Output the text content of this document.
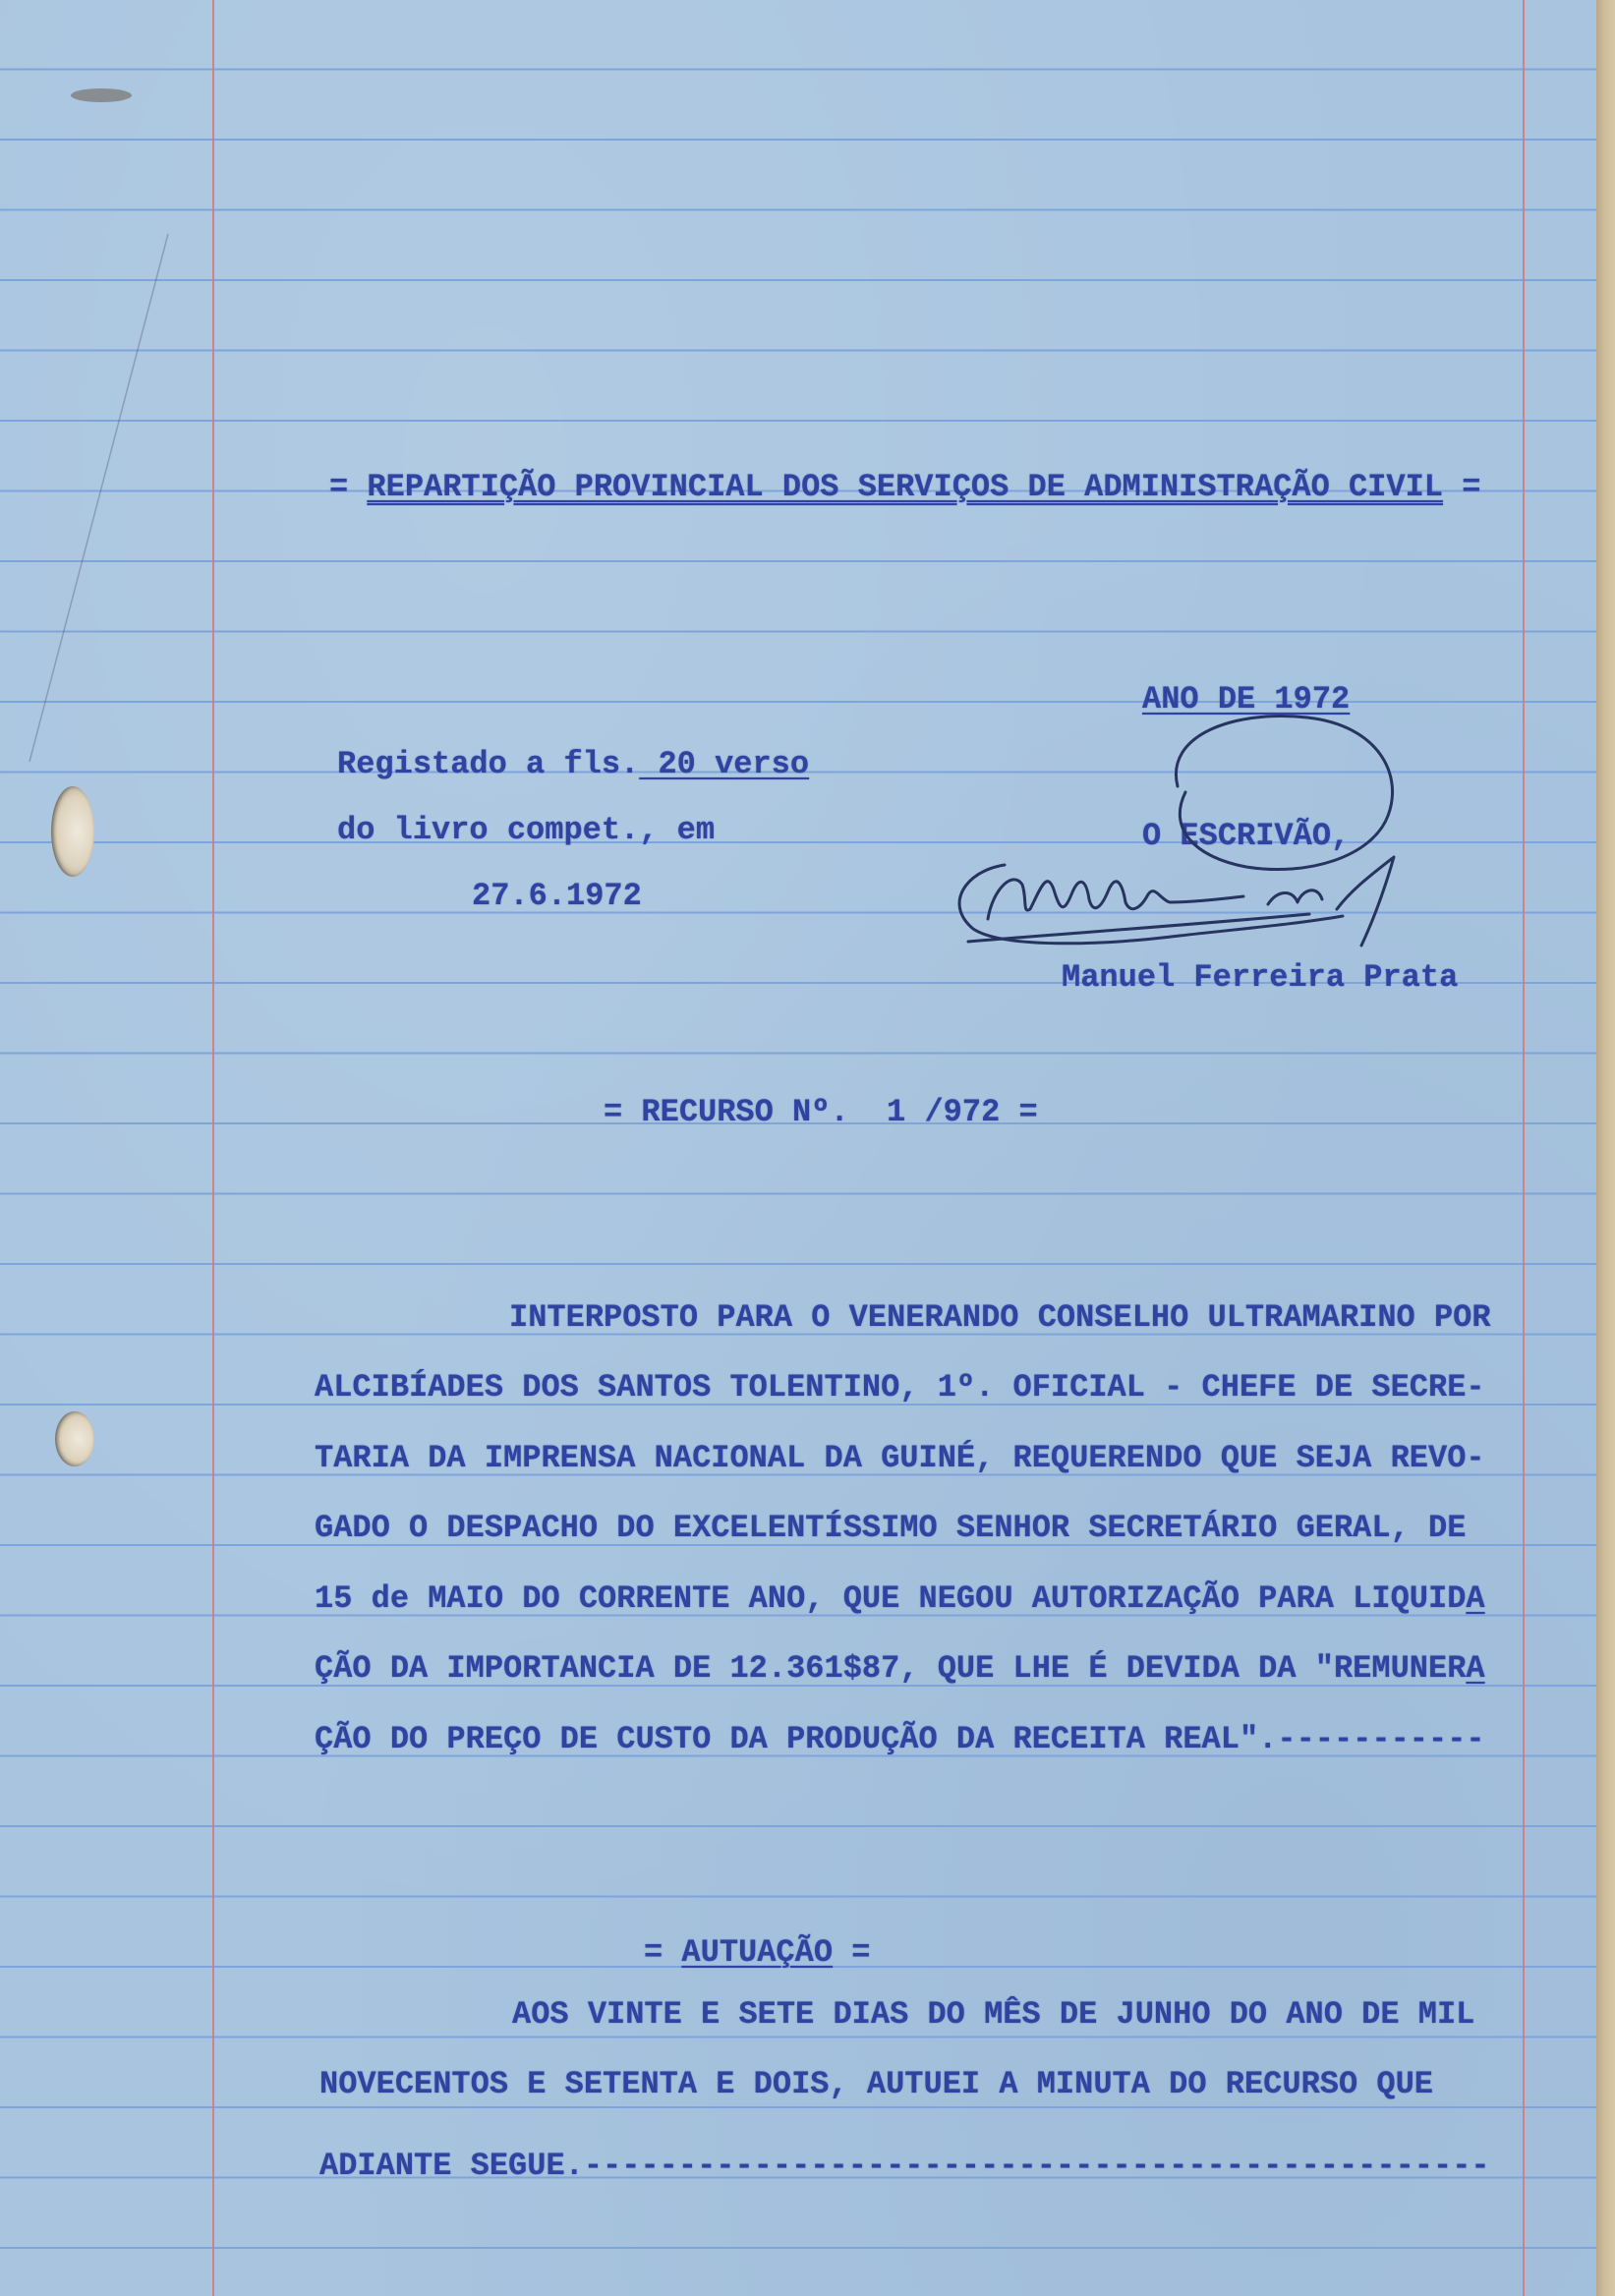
= REPARTIÇÃO PROVINCIAL DOS SERVIÇOS DE ADMINISTRAÇÃO CIVIL =
ANO DE 1972
Registado a fls. 20 verso
do livro compet., em
27.6.1972
O ESCRIVÃO,
Manuel Ferreira Prata
= RECURSO Nº.  1 /972 =
INTERPOSTO PARA O VENERANDO CONSELHO ULTRAMARINO POR
ALCIBÍADES DOS SANTOS TOLENTINO, 1º. OFICIAL - CHEFE DE SECRE-
TARIA DA IMPRENSA NACIONAL DA GUINÉ, REQUERENDO QUE SEJA REVO-
GADO O DESPACHO DO EXCELENTÍSSIMO SENHOR SECRETÁRIO GERAL, DE
15 de MAIO DO CORRENTE ANO, QUE NEGOU AUTORIZAÇÃO PARA LIQUIDA
ÇÃO DA IMPORTANCIA DE 12.361$87, QUE LHE É DEVIDA DA "REMUNERA
ÇÃO DO PREÇO DE CUSTO DA PRODUÇÃO DA RECEITA REAL".-----------
= AUTUAÇÃO =
AOS VINTE E SETE DIAS DO MÊS DE JUNHO DO ANO DE MIL
NOVECENTOS E SETENTA E DOIS, AUTUEI A MINUTA DO RECURSO QUE
ADIANTE SEGUE.------------------------------------------------
